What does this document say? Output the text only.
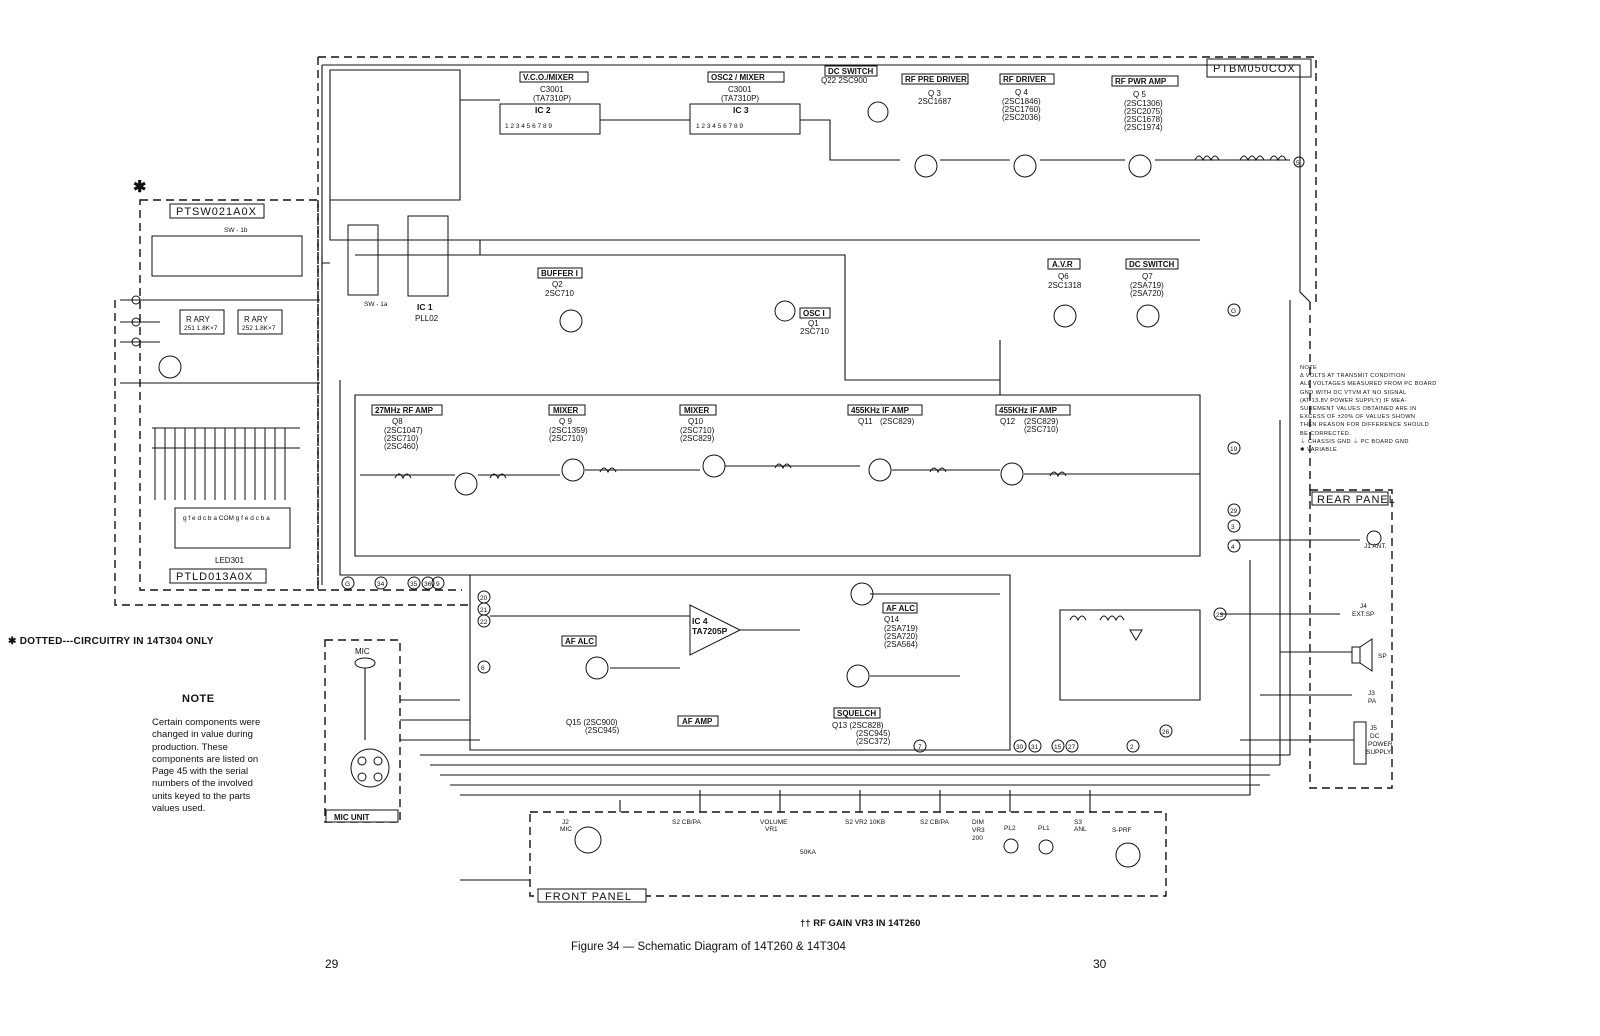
PTBM050COX
V.C.O./MIXER
C3001
(TA7310P)
IC 2
1 2 3 4 5 6 7 8 9
OSC2 / MIXER
C3001
(TA7310P)
IC 3
1 2 3 4 5 6 7 8 9
DC SWITCH
Q22 2SC900	RF PRE DRIVER
Q 3
2SC1687
RF DRIVER
Q 4
(2SC1846)
(2SC1760)
(2SC2036)
RF PWR AMP
Q 5
(2SC1306)
(2SC2075)
(2SC1678)
(2SC1974)
5
IC 1
PLL02
SW - 1a
BUFFER I
Q2
2SC710
OSC I
Q1
2SC710
A.V.R
Q6
2SC1318
DC SWITCH
Q7
(2SA719)
(2SA720)
27MHz RF AMP
Q8
(2SC1047)
(2SC710)
(2SC460)
MIXER
Q 9
(2SC1359)
(2SC710)
MIXER
Q10
(2SC710)
(2SC829)
455KHz IF AMP
Q11 (2SC829)
455KHz IF AMP
Q12 (2SC829)
(2SC710)
IC 4
TA7205P
AF ALC
Q15 (2SC900)
(2SC945)
AF AMP
AF ALC
Q14
(2SA719)
(2SA720)
(2SA564)
SQUELCH
Q13 (2SC828)
(2SC945)
(2SC372)
PTSW021A0X
SW - 1b
R ARY
251 1.8K×7
R ARY
252 1.8K×7
g f e d c b a COM g f e d c b a
LED301
PTLD013A0X
G	34	35 36 9
20
21
22
6
7	30 31 15 27	2
26
23
G
19
29
3
4
MIC
MIC UNIT
FRONT PANEL
J2
MIC
S2 CB/PA	VOLUME
VR1
50KA
S2 VR2 10KB	S2 CB/PA	DIM
VR3
200
PL2	PL1
S3
ANL	S-PRF
REAR PANEL
J1 ANT.
J4
EXT.SP
SP
J3
PA
J5
DC
POWER
SUPPLY
✱
✱ DOTTED---CIRCUITRY IN 14T304 ONLY
NOTE
Certain components were changed in value during production. These components are listed on Page 45 with the serial numbers of the involved units keyed to the parts values used.
†† RF GAIN VR3 IN 14T260
Figure 34 — Schematic Diagram of 14T260 & 14T304
29	30
NOTE
Δ VOLTS AT TRANSMIT CONDITION
ALL VOLTAGES MEASURED FROM PC BOARD
GND WITH DC VTVM AT NO SIGNAL
(AT 13.8V POWER SUPPLY) IF MEA-
SUREMENT VALUES OBTAINED ARE IN
EXCESS OF ±20% OF VALUES SHOWN
THEN REASON FOR DIFFERENCE SHOULD
BE CORRECTED.
⏚ CHASSIS GND ⏚ PC BOARD GND
✱ VARIABLE
